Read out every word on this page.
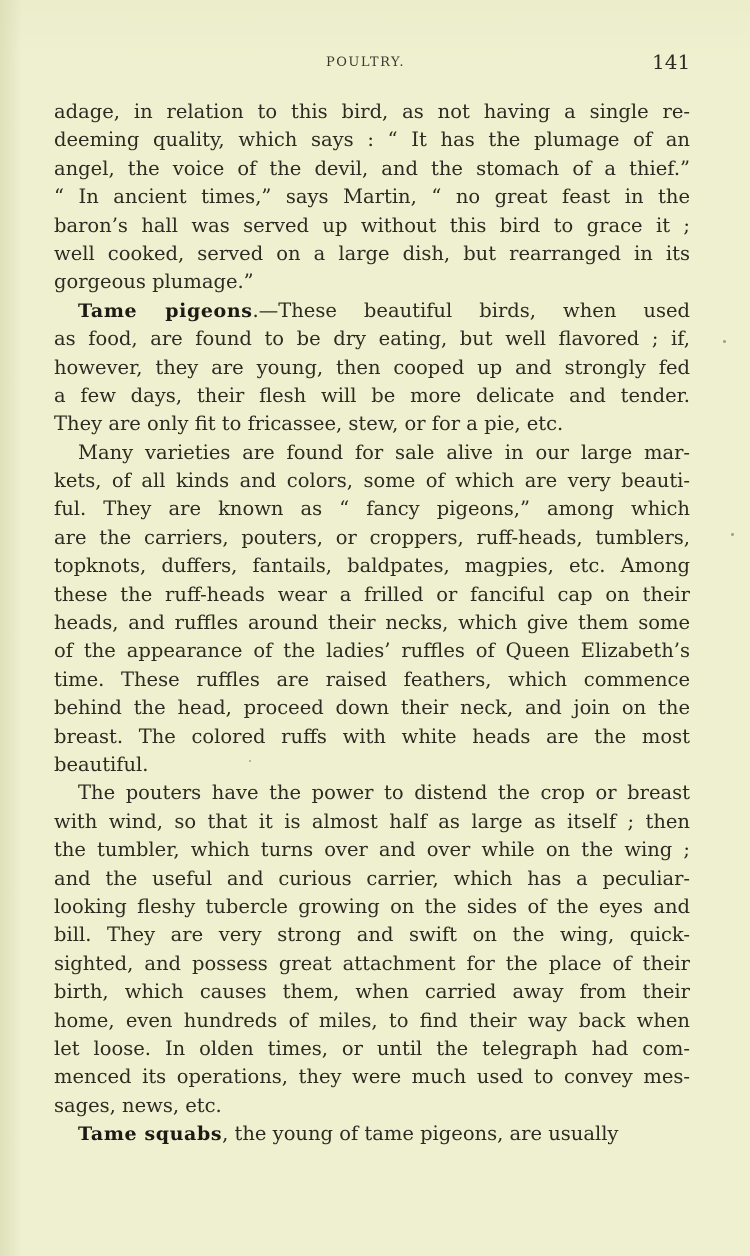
POULTRY.	141
adage, in relation to this bird, as not having a single re-
deeming quality, which says : “ It has the plumage of an
angel, the voice of the devil, and the stomach of a thief.”
“ In ancient times,” says Martin, “ no great feast in the
baron’s hall was served up without this bird to grace it ;
well cooked, served on a large dish, but rearranged in its
gorgeous plumage.”
Tame pigeons.—These beautiful birds, when used
as food, are found to be dry eating, but well flavored ; if,
however, they are young, then cooped up and strongly fed
a few days, their flesh will be more delicate and tender.
They are only fit to fricassee, stew, or for a pie, etc.
Many varieties are found for sale alive in our large mar-
kets, of all kinds and colors, some of which are very beauti-
ful. They are known as “ fancy pigeons,” among which
are the carriers, pouters, or croppers, ruff-heads, tumblers,
topknots, duffers, fantails, baldpates, magpies, etc. Among
these the ruff-heads wear a frilled or fanciful cap on their
heads, and ruffles around their necks, which give them some
of the appearance of the ladies’ ruffles of Queen Elizabeth’s
time. These ruffles are raised feathers, which commence
behind the head, proceed down their neck, and join on the
breast. The colored ruffs with white heads are the most
beautiful.
The pouters have the power to distend the crop or breast
with wind, so that it is almost half as large as itself ; then
the tumbler, which turns over and over while on the wing ;
and the useful and curious carrier, which has a peculiar-
looking fleshy tubercle growing on the sides of the eyes and
bill. They are very strong and swift on the wing, quick-
sighted, and possess great attachment for the place of their
birth, which causes them, when carried away from their
home, even hundreds of miles, to find their way back when
let loose. In olden times, or until the telegraph had com-
menced its operations, they were much used to convey mes-
sages, news, etc.
Tame squabs, the young of tame pigeons, are usually
